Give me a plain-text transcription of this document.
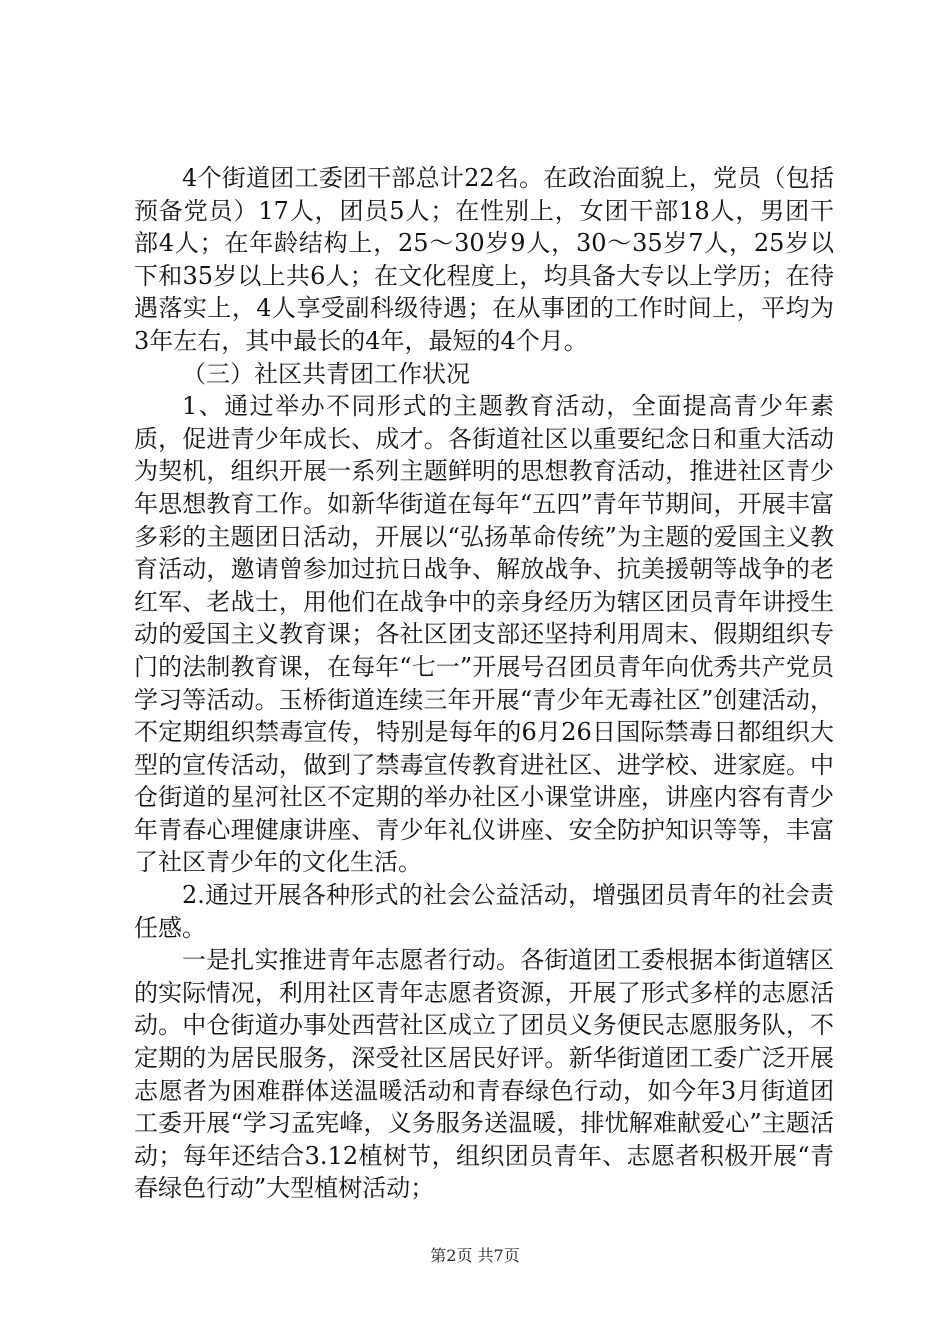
4个街道团工委团干部总计22名。在政治面貌上，党员（包括预备党员）17人，团员5人；在性别上，女团干部18人，男团干部4人；在年龄结构上，25～30岁9人，30～35岁7人，25岁以下和35岁以上共6人；在文化程度上，均具备大专以上学历；在待遇落实上，4人享受副科级待遇；在从事团的工作时间上，平均为3年左右，其中最长的4年，最短的4个月。

（三）社区共青团工作状况

1、通过举办不同形式的主题教育活动，全面提高青少年素质，促进青少年成长、成才。各街道社区以重要纪念日和重大活动为契机，组织开展一系列主题鲜明的思想教育活动，推进社区青少年思想教育工作。如新华街道在每年“五四”青年节期间，开展丰富多彩的主题团日活动，开展以“弘扬革命传统”为主题的爱国主义教育活动，邀请曾参加过抗日战争、解放战争、抗美援朝等战争的老红军、老战士，用他们在战争中的亲身经历为辖区团员青年讲授生动的爱国主义教育课；各社区团支部还坚持利用周末、假期组织专门的法制教育课，在每年“七一”开展号召团员青年向优秀共产党员学习等活动。玉桥街道连续三年开展“青少年无毒社区”创建活动，不定期组织禁毒宣传，特别是每年的6月26日国际禁毒日都组织大型的宣传活动，做到了禁毒宣传教育进社区、进学校、进家庭。中仓街道的星河社区不定期的举办社区小课堂讲座，讲座内容有青少年青春心理健康讲座、青少年礼仪讲座、安全防护知识等等，丰富了社区青少年的文化生活。

2.通过开展各种形式的社会公益活动，增强团员青年的社会责任感。

一是扎实推进青年志愿者行动。各街道团工委根据本街道辖区的实际情况，利用社区青年志愿者资源，开展了形式多样的志愿活动。中仓街道办事处西营社区成立了团员义务便民志愿服务队，不定期的为居民服务，深受社区居民好评。新华街道团工委广泛开展志愿者为困难群体送温暖活动和青春绿色行动，如今年3月街道团工委开展“学习孟宪峰，义务服务送温暖，排忧解难献爱心”主题活动；每年还结合3.12植树节，组织团员青年、志愿者积极开展“青春绿色行动”大型植树活动；

第2页 共7页
